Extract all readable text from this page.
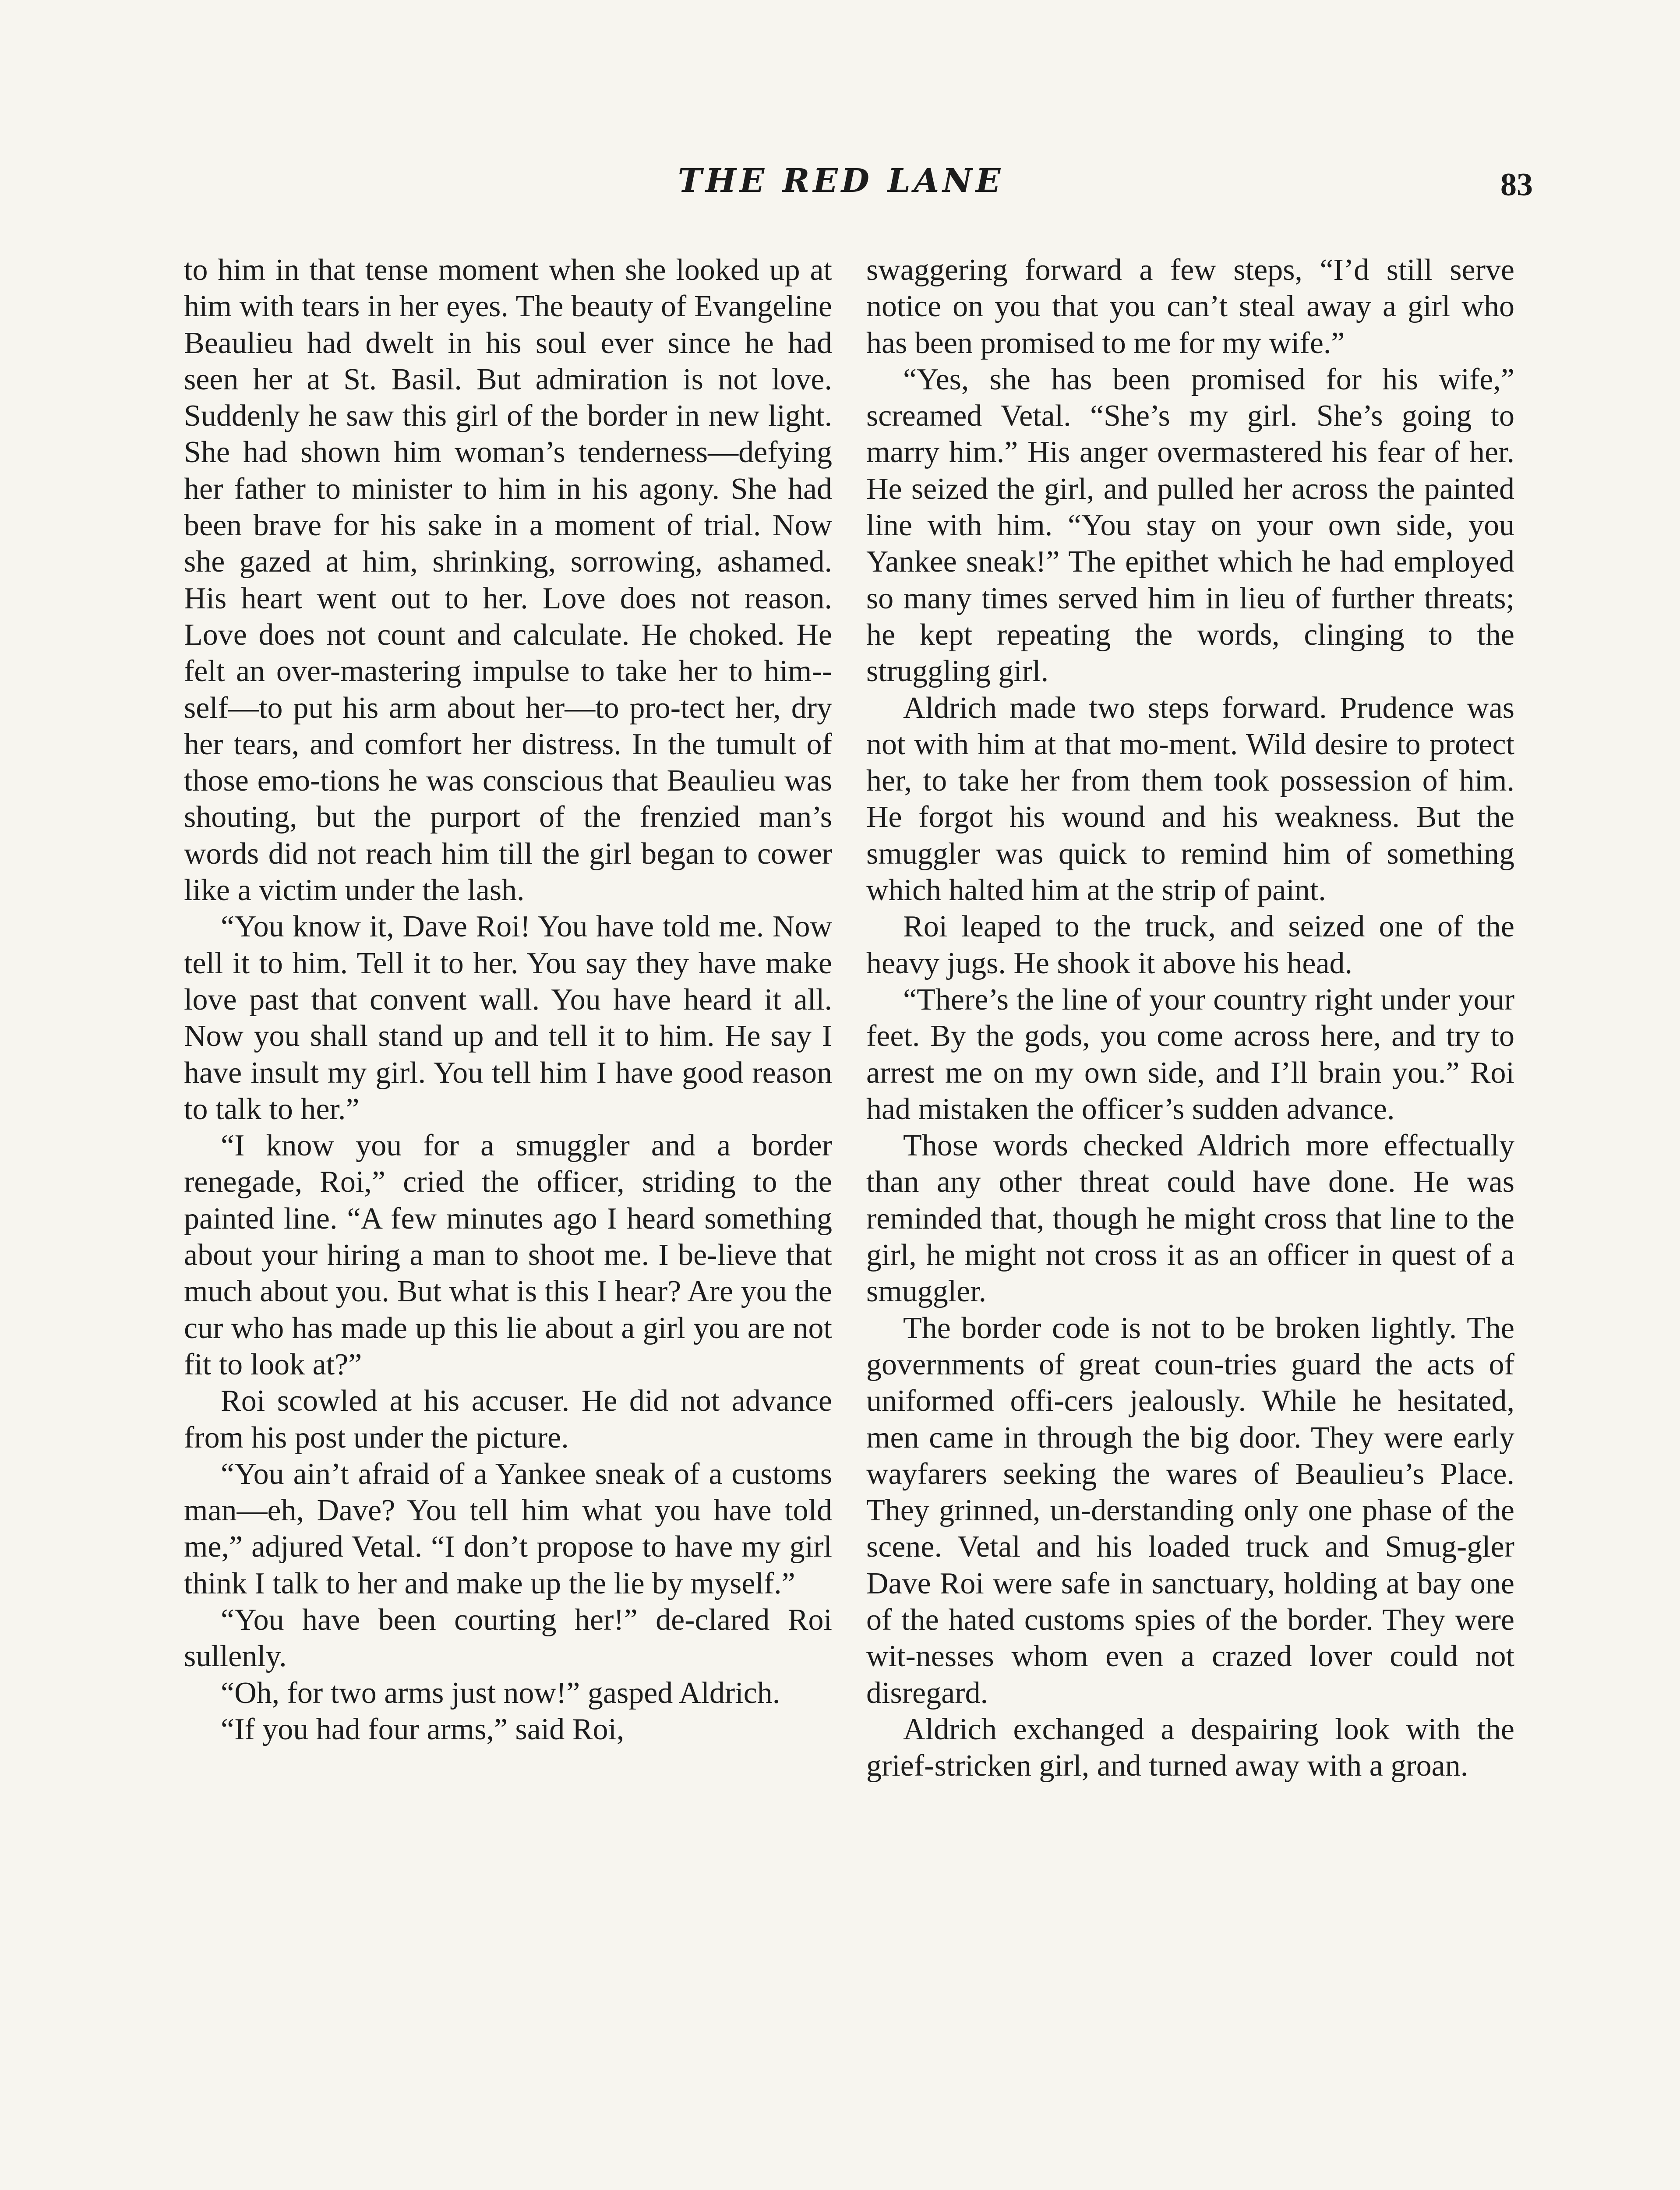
THE RED LANE	83

to him in that tense moment when she looked up at him with tears in her eyes. The beauty of Evangeline Beaulieu had dwelt in his soul ever since he had seen her at St. Basil. But admiration is not love. Suddenly he saw this girl of the border in new light. She had shown him woman’s tenderness—defying her father to minister to him in his agony. She had been brave for his sake in a moment of trial. Now she gazed at him, shrinking, sorrowing, ashamed. His heart went out to her. Love does not reason. Love does not count and calculate. He choked. He felt an over-mastering impulse to take her to him-self—to put his arm about her—to pro-tect her, dry her tears, and comfort her distress. In the tumult of those emo-tions he was conscious that Beaulieu was shouting, but the purport of the frenzied man’s words did not reach him till the girl began to cower like a victim under the lash.

“You know it, Dave Roi! You have told me. Now tell it to him. Tell it to her. You say they have make love past that convent wall. You have heard it all. Now you shall stand up and tell it to him. He say I have insult my girl. You tell him I have good reason to talk to her.”

“I know you for a smuggler and a border renegade, Roi,” cried the officer, striding to the painted line. “A few minutes ago I heard something about your hiring a man to shoot me. I be-lieve that much about you. But what is this I hear? Are you the cur who has made up this lie about a girl you are not fit to look at?”

Roi scowled at his accuser. He did not advance from his post under the picture.

“You ain’t afraid of a Yankee sneak of a customs man—eh, Dave? You tell him what you have told me,” adjured Vetal. “I don’t propose to have my girl think I talk to her and make up the lie by myself.”

“You have been courting her!” de-clared Roi sullenly.

“Oh, for two arms just now!” gasped Aldrich.

“If you had four arms,” said Roi,

swaggering forward a few steps, “I’d still serve notice on you that you can’t steal away a girl who has been promised to me for my wife.”

“Yes, she has been promised for his wife,” screamed Vetal. “She’s my girl. She’s going to marry him.” His anger overmastered his fear of her. He seized the girl, and pulled her across the painted line with him. “You stay on your own side, you Yankee sneak!” The epithet which he had employed so many times served him in lieu of further threats; he kept repeating the words, clinging to the struggling girl.

Aldrich made two steps forward. Prudence was not with him at that mo-ment. Wild desire to protect her, to take her from them took possession of him. He forgot his wound and his weakness. But the smuggler was quick to remind him of something which halted him at the strip of paint.

Roi leaped to the truck, and seized one of the heavy jugs. He shook it above his head.

“There’s the line of your country right under your feet. By the gods, you come across here, and try to arrest me on my own side, and I’ll brain you.” Roi had mistaken the officer’s sudden advance.

Those words checked Aldrich more effectually than any other threat could have done. He was reminded that, though he might cross that line to the girl, he might not cross it as an officer in quest of a smuggler.

The border code is not to be broken lightly. The governments of great coun-tries guard the acts of uniformed offi-cers jealously. While he hesitated, men came in through the big door. They were early wayfarers seeking the wares of Beaulieu’s Place. They grinned, un-derstanding only one phase of the scene. Vetal and his loaded truck and Smug-gler Dave Roi were safe in sanctuary, holding at bay one of the hated customs spies of the border. They were wit-nesses whom even a crazed lover could not disregard.

Aldrich exchanged a despairing look with the grief-stricken girl, and turned away with a groan.
